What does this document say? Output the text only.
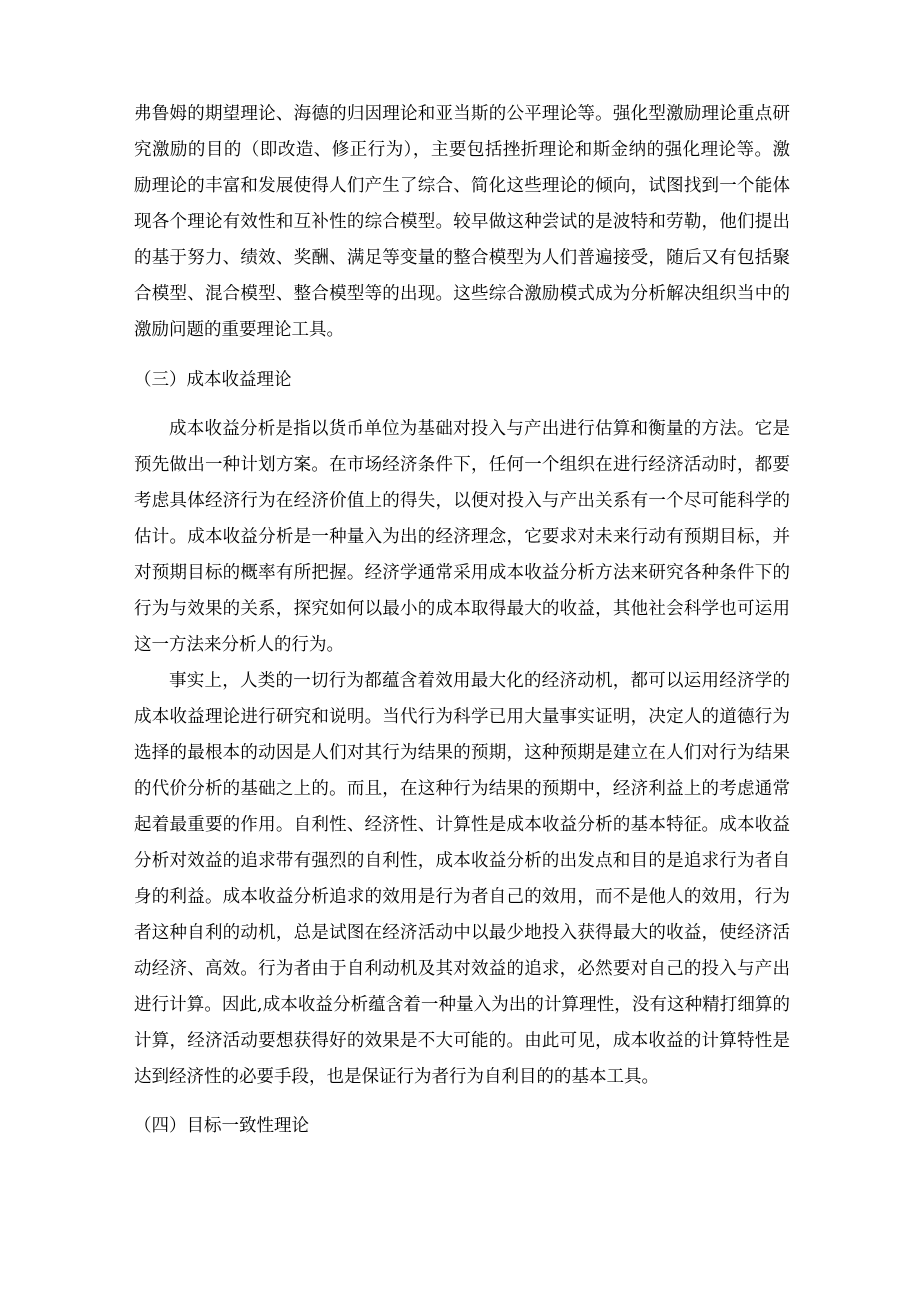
弗鲁姆的期望理论、海德的归因理论和亚当斯的公平理论等。强化型激励理论重点研究激励的目的（即改造、修正行为），主要包括挫折理论和斯金纳的强化理论等。激励理论的丰富和发展使得人们产生了综合、简化这些理论的倾向，试图找到一个能体现各个理论有效性和互补性的综合模型。较早做这种尝试的是波特和劳勒，他们提出的基于努力、绩效、奖酬、满足等变量的整合模型为人们普遍接受，随后又有包括聚合模型、混合模型、整合模型等的出现。这些综合激励模式成为分析解决组织当中的激励问题的重要理论工具。

（三）成本收益理论

成本收益分析是指以货币单位为基础对投入与产出进行估算和衡量的方法。它是预先做出一种计划方案。在市场经济条件下，任何一个组织在进行经济活动时，都要考虑具体经济行为在经济价值上的得失，以便对投入与产出关系有一个尽可能科学的估计。成本收益分析是一种量入为出的经济理念，它要求对未来行动有预期目标，并对预期目标的概率有所把握。经济学通常采用成本收益分析方法来研究各种条件下的行为与效果的关系，探究如何以最小的成本取得最大的收益，其他社会科学也可运用这一方法来分析人的行为。

事实上，人类的一切行为都蕴含着效用最大化的经济动机，都可以运用经济学的成本收益理论进行研究和说明。当代行为科学已用大量事实证明，决定人的道德行为选择的最根本的动因是人们对其行为结果的预期，这种预期是建立在人们对行为结果的代价分析的基础之上的。而且，在这种行为结果的预期中，经济利益上的考虑通常起着最重要的作用。自利性、经济性、计算性是成本收益分析的基本特征。成本收益分析对效益的追求带有强烈的自利性，成本收益分析的出发点和目的是追求行为者自身的利益。成本收益分析追求的效用是行为者自己的效用，而不是他人的效用，行为者这种自利的动机，总是试图在经济活动中以最少地投入获得最大的收益，使经济活动经济、高效。行为者由于自利动机及其对效益的追求，必然要对自己的投入与产出进行计算。因此,成本收益分析蕴含着一种量入为出的计算理性，没有这种精打细算的计算，经济活动要想获得好的效果是不大可能的。由此可见，成本收益的计算特性是达到经济性的必要手段，也是保证行为者行为自利目的的基本工具。

（四）目标一致性理论
